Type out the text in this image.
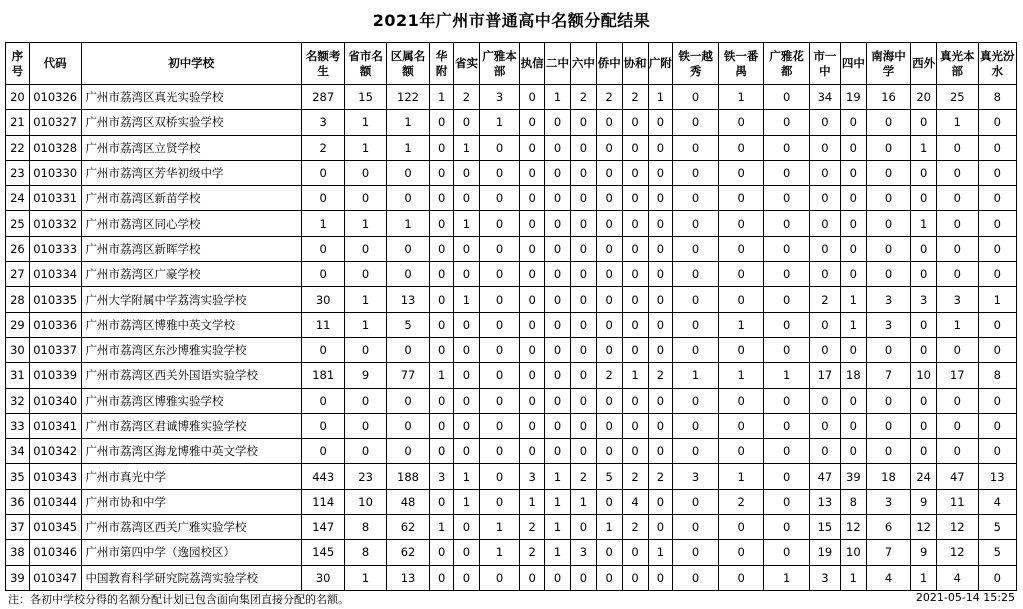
2021年广州市普通高中名额分配结果
序号	代码	初中学校	名额考生	省市名额	区属名额	华附	省实	广雅本部	执信	二中	六中	侨中	协和	广附	铁一越秀	铁一番禺	广雅花都	市一中	四中	南海中学	西外	真光本部	真光汾水
20	010326	广州市荔湾区真光实验学校	287	15	122	1	2	3	0	1	2	2	2	1	0	1	0	34	19	16	20	25	8
21	010327	广州市荔湾区双桥实验学校	3	1	1	0	0	1	0	0	0	0	0	0	0	0	0	0	0	0	0	1	0
22	010328	广州市荔湾区立贤学校	2	1	1	0	1	0	0	0	0	0	0	0	0	0	0	0	0	0	1	0	0
23	010330	广州市荔湾区芳华初级中学	0	0	0	0	0	0	0	0	0	0	0	0	0	0	0	0	0	0	0	0	0
24	010331	广州市荔湾区新苗学校	0	0	0	0	0	0	0	0	0	0	0	0	0	0	0	0	0	0	0	0	0
25	010332	广州市荔湾区同心学校	1	1	1	0	1	0	0	0	0	0	0	0	0	0	0	0	0	0	1	0	0
26	010333	广州市荔湾区新晖学校	0	0	0	0	0	0	0	0	0	0	0	0	0	0	0	0	0	0	0	0	0
27	010334	广州市荔湾区广豪学校	0	0	0	0	0	0	0	0	0	0	0	0	0	0	0	0	0	0	0	0	0
28	010335	广州大学附属中学荔湾实验学校	30	1	13	0	1	0	0	0	0	0	0	0	0	0	0	2	1	3	3	3	1
29	010336	广州市荔湾区博雅中英文学校	11	1	5	0	0	0	0	0	0	0	0	0	0	1	0	0	1	3	0	1	0
30	010337	广州市荔湾区东沙博雅实验学校	0	0	0	0	0	0	0	0	0	0	0	0	0	0	0	0	0	0	0	0	0
31	010339	广州市荔湾区西关外国语实验学校	181	9	77	1	0	0	0	0	0	2	1	2	1	1	1	17	18	7	10	17	8
32	010340	广州市荔湾区博雅实验学校	0	0	0	0	0	0	0	0	0	0	0	0	0	0	0	0	0	0	0	0	0
33	010341	广州市荔湾区君诚博雅实验学校	0	0	0	0	0	0	0	0	0	0	0	0	0	0	0	0	0	0	0	0	0
34	010342	广州市荔湾区海龙博雅中英文学校	0	0	0	0	0	0	0	0	0	0	0	0	0	0	0	0	0	0	0	0	0
35	010343	广州市真光中学	443	23	188	3	1	0	3	1	2	5	2	2	3	1	0	47	39	18	24	47	13
36	010344	广州市协和中学	114	10	48	0	1	0	1	1	1	0	4	0	0	2	0	13	8	3	9	11	4
37	010345	广州市荔湾区西关广雅实验学校	147	8	62	1	0	1	2	1	0	1	2	0	0	0	0	15	12	6	12	12	5
38	010346	广州市第四中学（逸园校区）	145	8	62	0	0	1	2	1	3	0	0	1	0	0	0	19	10	7	9	12	5
39	010347	中国教育科学研究院荔湾实验学校	30	1	13	0	0	0	0	0	0	0	0	0	0	0	1	3	1	4	1	4	0
注：各初中学校分得的名额分配计划已包含面向集团直接分配的名额。	2021-05-14 15:25
